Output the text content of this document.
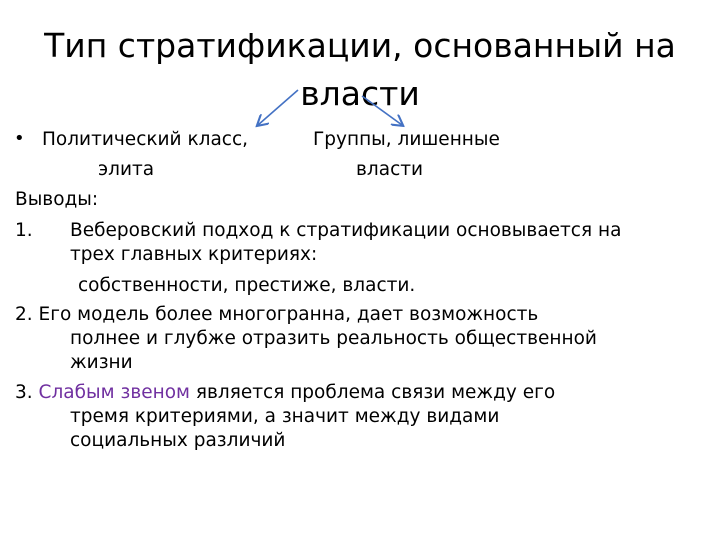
Тип стратификации, основанный на
власти
• Политический класс,
элита
Группы, лишенные
власти
Выводы:
1. Веберовский подход к стратификации основывается на
трех главных критериях:
собственности, престиже, власти.
2. Его модель более многогранна, дает возможность
полнее и глубже отразить реальность общественной
жизни
3. Слабым звеном является проблема связи между его
тремя критериями, а значит между видами
социальных различий
